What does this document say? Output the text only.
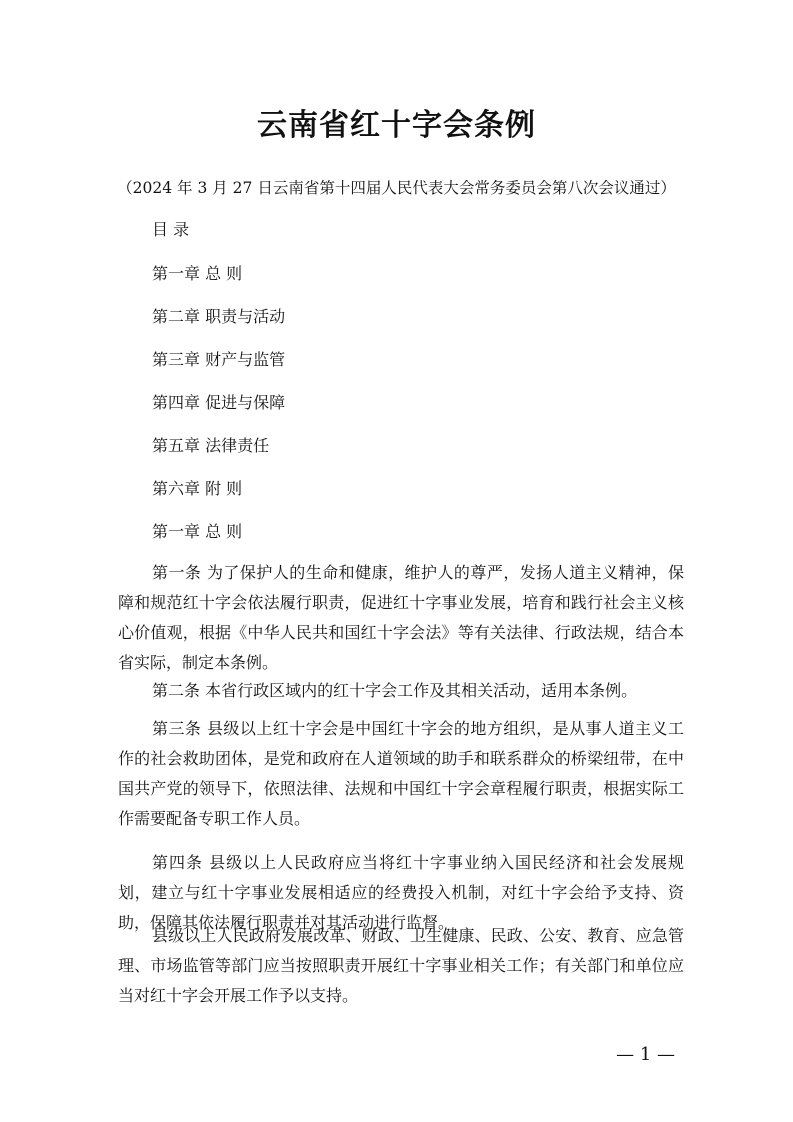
云南省红十字会条例
（2024 年 3 月 27 日云南省第十四届人民代表大会常务委员会第八次会议通过）
目 录
第一章 总 则
第二章 职责与活动
第三章 财产与监管
第四章 促进与保障
第五章 法律责任
第六章 附 则
第一章 总 则

第一条 为了保护人的生命和健康，维护人的尊严，发扬人道主义精神，保障和规范红十字会依法履行职责，促进红十字事业发展，培育和践行社会主义核心价值观，根据《中华人民共和国红十字会法》等有关法律、行政法规，结合本省实际，制定本条例。

第二条 本省行政区域内的红十字会工作及其相关活动，适用本条例。

第三条 县级以上红十字会是中国红十字会的地方组织，是从事人道主义工作的社会救助团体，是党和政府在人道领域的助手和联系群众的桥梁纽带，在中国共产党的领导下，依照法律、法规和中国红十字会章程履行职责，根据实际工作需要配备专职工作人员。

第四条 县级以上人民政府应当将红十字事业纳入国民经济和社会发展规划，建立与红十字事业发展相适应的经费投入机制，对红十字会给予支持、资助，保障其依法履行职责并对其活动进行监督。

县级以上人民政府发展改革、财政、卫生健康、民政、公安、教育、应急管理、市场监管等部门应当按照职责开展红十字事业相关工作；有关部门和单位应当对红十字会开展工作予以支持。

— 1 —
